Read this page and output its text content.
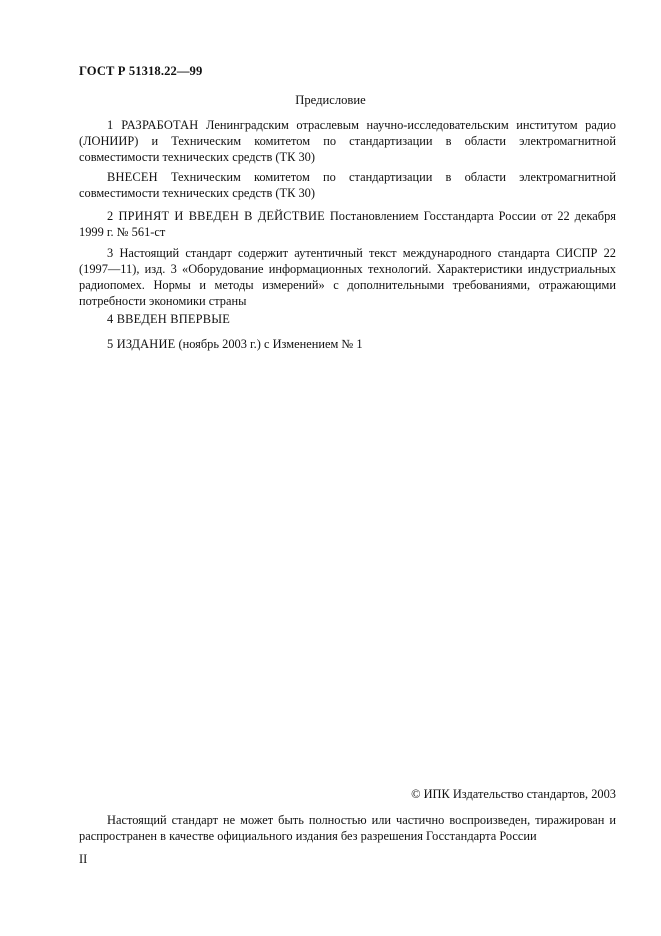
ГОСТ Р 51318.22—99
Предисловие
1 РАЗРАБОТАН Ленинградским отраслевым научно-исследовательским институтом радио (ЛОНИИР) и Техническим комитетом по стандартизации в области электромагнитной совместимости технических средств (ТК 30)
ВНЕСЕН Техническим комитетом по стандартизации в области электромагнитной совместимости технических средств (ТК 30)
2 ПРИНЯТ И ВВЕДЕН В ДЕЙСТВИЕ Постановлением Госстандарта России от 22 декабря 1999 г. № 561-ст
3 Настоящий стандарт содержит аутентичный текст международного стандарта СИСПР 22 (1997—11), изд. 3 «Оборудование информационных технологий. Характеристики индустриальных радиопомех. Нормы и методы измерений» с дополнительными требованиями, отражающими потребности экономики страны
4 ВВЕДЕН ВПЕРВЫЕ
5 ИЗДАНИЕ (ноябрь 2003 г.) с Изменением № 1
© ИПК Издательство стандартов, 2003
Настоящий стандарт не может быть полностью или частично воспроизведен, тиражирован и распространен в качестве официального издания без разрешения Госстандарта России
II
